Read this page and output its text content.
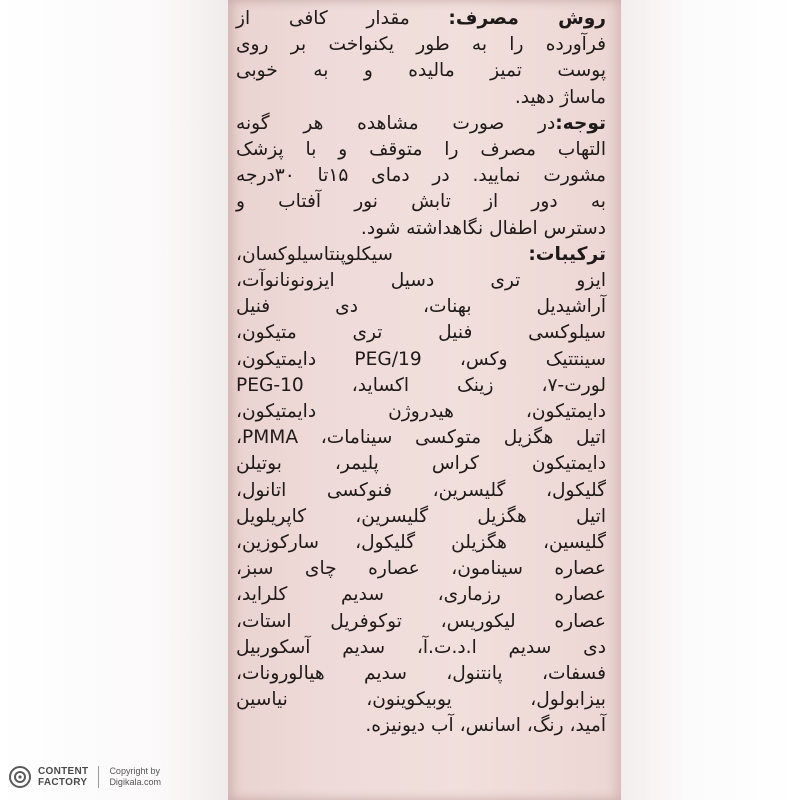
روش مصرف: مقدار کافی از
فرآورده را به طور یکنواخت بر روی
پوست تمیز مالیده و به خوبی
ماساژ دهید.
توجه:در صورت مشاهده هر گونه
التهاب مصرف را متوقف و با پزشک
مشورت نمایید. در دمای ۱۵تا ۳۰درجه
به دور از تابش نور آفتاب و
دسترس اطفال نگاهداشته شود.
ترکیبات: سیکلوپنتاسیلوکسان،
ایزو تری دسیل ایزونونانوآت،
آراشیدیل بهنات، دی فنیل
سیلوکسی فنیل تری متیکون،
سینتتیک وکس، PEG/19 دایمتیکون،
لورت-۷، زینک اکساید، PEG-10
دایمتیکون، هیدروژن دایمتیکون،
اتیل هگزیل متوکسی سینامات، PMMA،
دایمتیکون کراس پلیمر، بوتیلن
گلیکول، گلیسرین، فنوکسی اتانول،
اتیل هگزیل گلیسرین، کاپریلویل
گلیسین، هگزیلن گلیکول، سارکوزین،
عصاره سینامون، عصاره چای سبز،
عصاره رزماری، سدیم کلراید،
عصاره لیکوریس، توکوفریل استات،
دی سدیم ا.د.ت.آ، سدیم آسکوربیل
فسفات، پانتنول، سدیم هیالورونات،
بیزابولول، یوبیکوینون، نیاسین
آمید، رنگ، اسانس، آب دیونیزه.
CONTENT
FACTORY
Copyright by
Digikala.com
